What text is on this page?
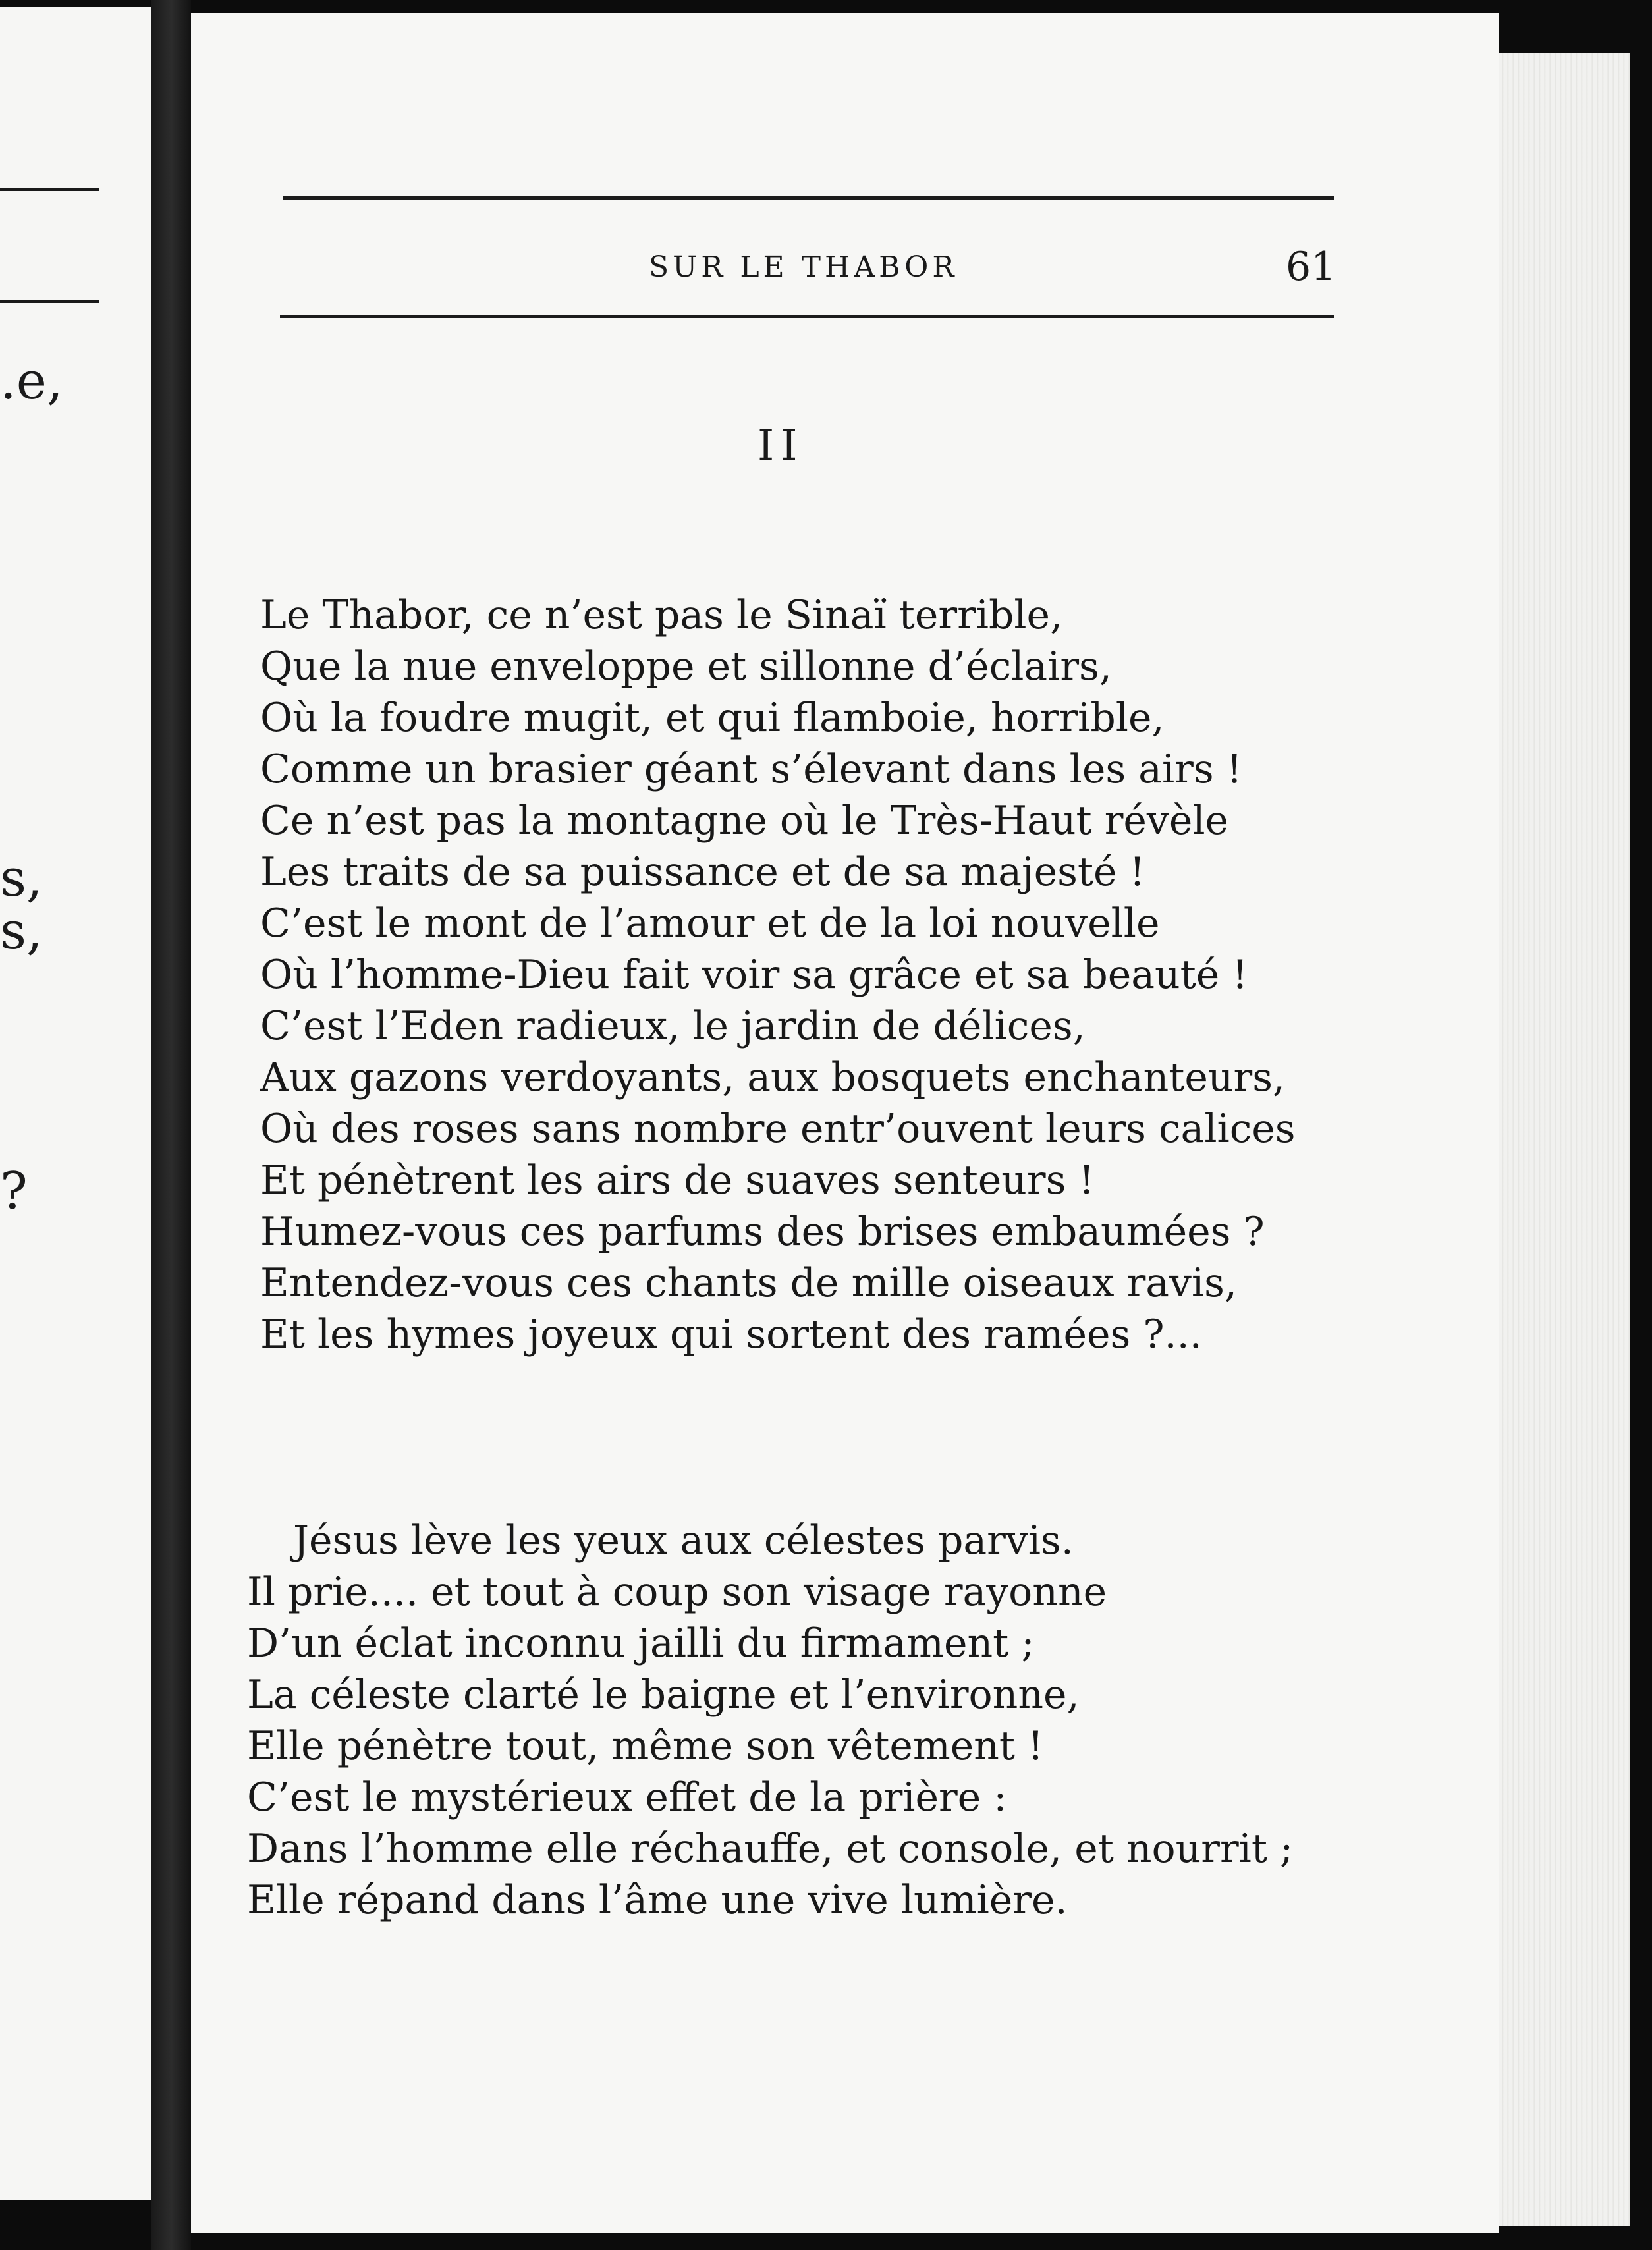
.e,
s,
s,
?
SUR LE THABOR	61
II
Le Thabor, ce n’est pas le Sinaï terrible,
Que la nue enveloppe et sillonne d’éclairs,
Où la foudre mugit, et qui flamboie, horrible,
Comme un brasier géant s’élevant dans les airs !
Ce n’est pas la montagne où le Très-Haut révèle
Les traits de sa puissance et de sa majesté !
C’est le mont de l’amour et de la loi nouvelle
Où l’homme-Dieu fait voir sa grâce et sa beauté !
C’est l’Eden radieux, le jardin de délices,
Aux gazons verdoyants, aux bosquets enchanteurs,
Où des roses sans nombre entr’ouvent leurs calices
Et pénètrent les airs de suaves senteurs !
Humez-vous ces parfums des brises embaumées ?
Entendez-vous ces chants de mille oiseaux ravis,
Et les hymes joyeux qui sortent des ramées ?...
Jésus lève les yeux aux célestes parvis.
Il prie.... et tout à coup son visage rayonne
D’un éclat inconnu jailli du firmament ;
La céleste clarté le baigne et l’environne,
Elle pénètre tout, même son vêtement !
C’est le mystérieux effet de la prière :
Dans l’homme elle réchauffe, et console, et nourrit ;
Elle répand dans l’âme une vive lumière.
